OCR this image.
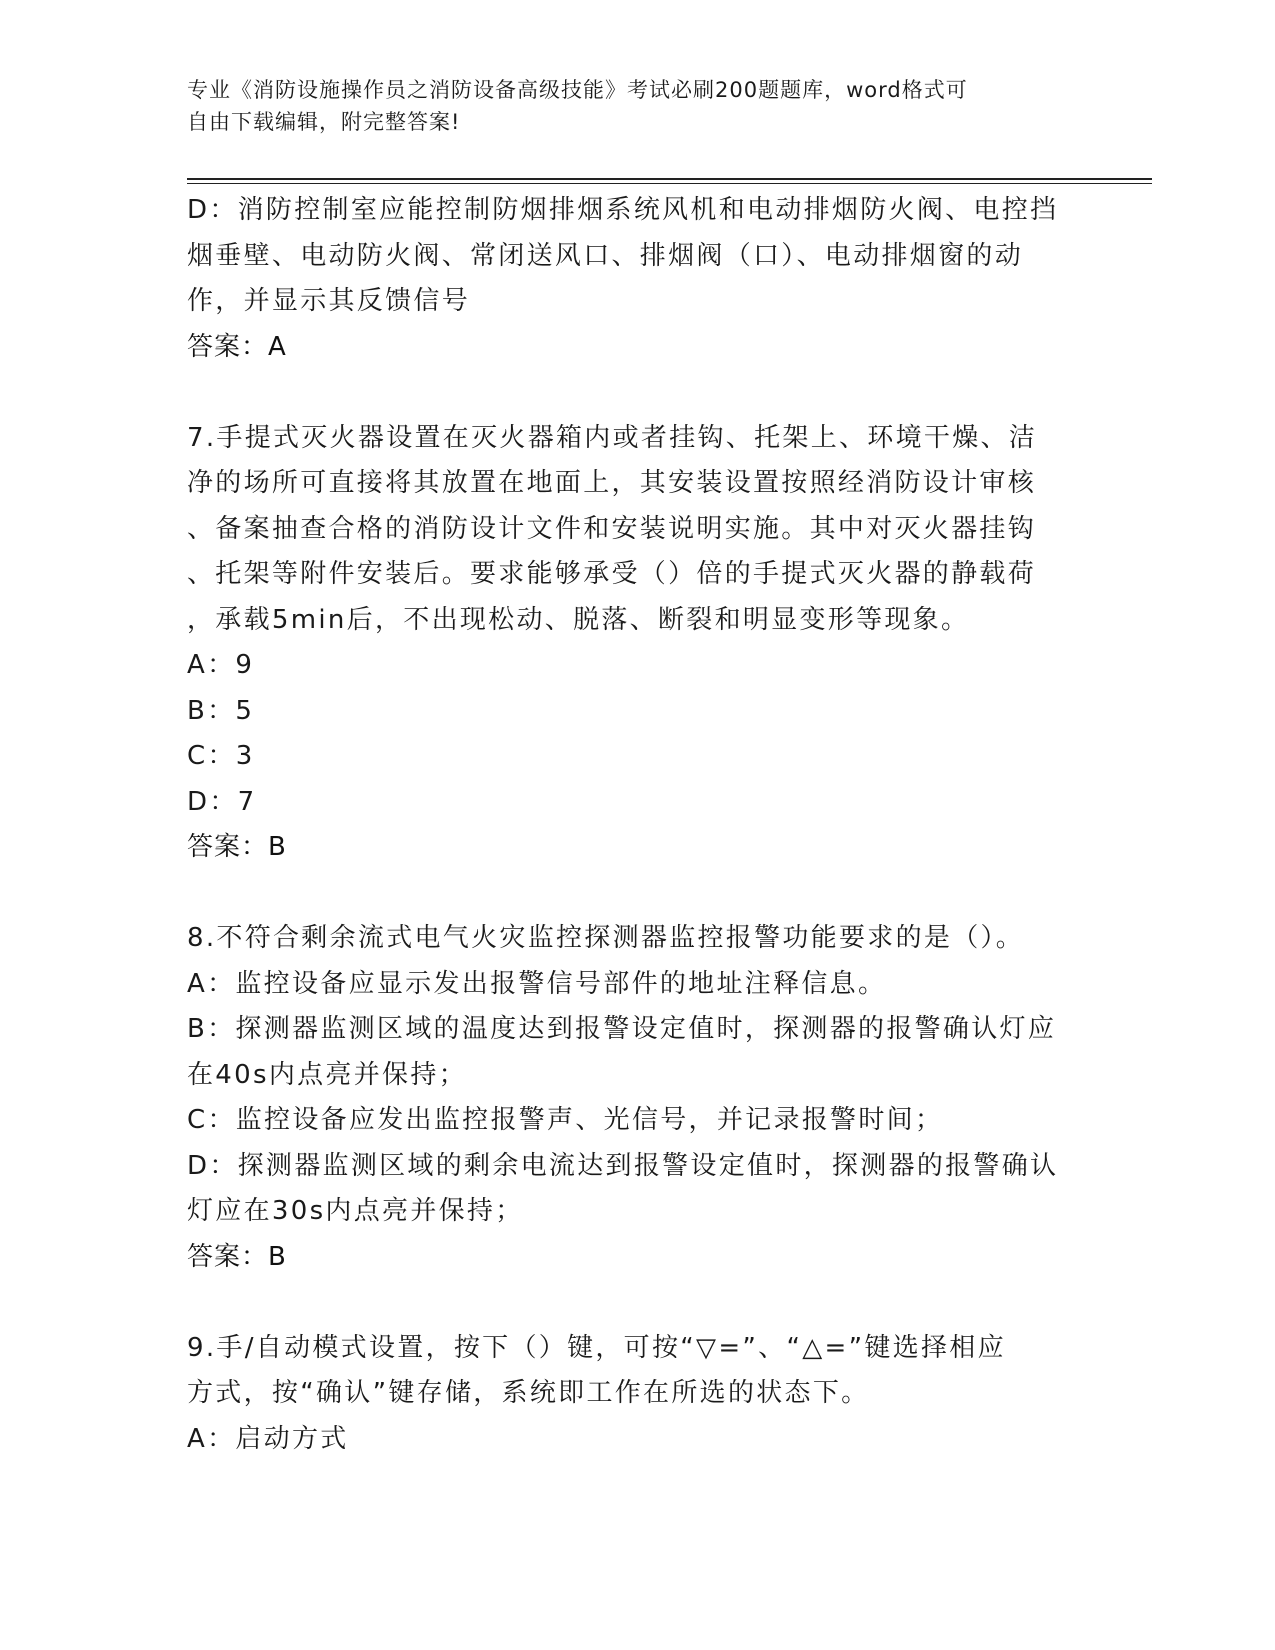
专业《消防设施操作员之消防设备高级技能》考试必刷200题题库，word格式可
自由下载编辑，附完整答案!
D：消防控制室应能控制防烟排烟系统风机和电动排烟防火阀、电控挡
烟垂壁、电动防火阀、常闭送风口、排烟阀（口）、电动排烟窗的动
作，并显示其反馈信号
答案：A
7.手提式灭火器设置在灭火器箱内或者挂钩、托架上、环境干燥、洁
净的场所可直接将其放置在地面上，其安装设置按照经消防设计审核
、备案抽查合格的消防设计文件和安装说明实施。其中对灭火器挂钩
、托架等附件安装后。要求能够承受（）倍的手提式灭火器的静载荷
，承载5min后，不出现松动、脱落、断裂和明显变形等现象。
A：9
B：5
C：3
D：7
答案：B
8.不符合剩余流式电气火灾监控探测器监控报警功能要求的是（）。
A：监控设备应显示发出报警信号部件的地址注释信息。
B：探测器监测区域的温度达到报警设定值时，探测器的报警确认灯应
在40s内点亮并保持；
C：监控设备应发出监控报警声、光信号，并记录报警时间；
D：探测器监测区域的剩余电流达到报警设定值时，探测器的报警确认
灯应在30s内点亮并保持；
答案：B
9.手/自动模式设置，按下（）键，可按“▽=”、“△=”键选择相应
方式，按“确认”键存储，系统即工作在所选的状态下。
A：启动方式
